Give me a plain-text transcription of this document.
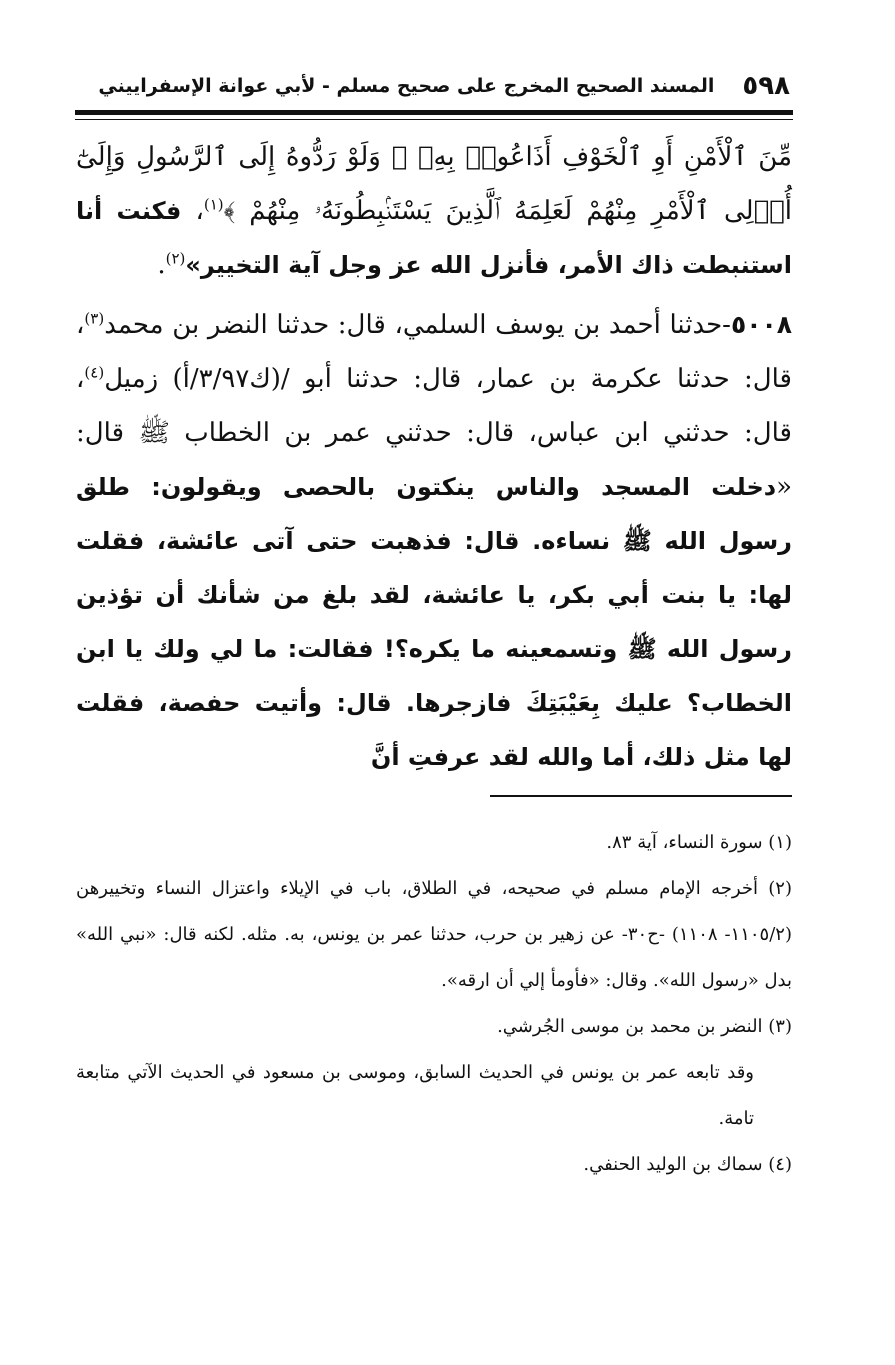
٥٩٨
المسند الصحيح المخرج على صحيح مسلم - لأبي عوانة الإسفراييني

مِّنَ ٱلْأَمْنِ أَوِ ٱلْخَوْفِ أَذَاعُوا۟ بِهِۦ ۖ وَلَوْ رَدُّوهُ إِلَى ٱلرَّسُولِ وَإِلَىٰٓ أُو۟لِى ٱلْأَمْرِ مِنْهُمْ لَعَلِمَهُ ٱلَّذِينَ يَسْتَنۢبِطُونَهُۥ مِنْهُمْ ﴾$^{(١)}$، فكنت أنا استنبطت ذاك الأمر، فأنزل الله عز وجل آية التخيير»$^{(٢)}$.

٥٠٠٨-حدثنا أحمد بن يوسف السلمي، قال: حدثنا النضر بن محمد$^{(٣)}$، قال: حدثنا عكرمة بن عمار، قال: حدثنا أبو /(ك٣/٩٧/أ) زميل$^{(٤)}$، قال: حدثني ابن عباس، قال: حدثني عمر بن الخطاب ﷺ قال: «دخلت المسجد والناس ينكتون بالحصى ويقولون: طلق رسول الله ﷺ نساءه. قال: فذهبت حتى آتى عائشة، فقلت لها: يا بنت أبي بكر، يا عائشة، لقد بلغ من شأنك أن تؤذين رسول الله ﷺ وتسمعينه ما يكره؟! فقالت: ما لي ولك يا ابن الخطاب؟ عليك بِعَيْبَتِكَ فازجرها. قال: وأتيت حفصة، فقلت لها مثل ذلك، أما والله لقد عرفتِ أنَّ

(١) سورة النساء، آية ٨٣.

(٢) أخرجه الإمام مسلم في صحيحه، في الطلاق، باب في الإيلاء واعتزال النساء وتخييرهن (١١٠٥/٢- ١١٠٨) -ح٣٠- عن زهير بن حرب، حدثنا عمر بن يونس، به. مثله. لكنه قال: «نبي الله» بدل «رسول الله». وقال: «فأومأ إلي أن ارقه».

(٣) النضر بن محمد بن موسى الجُرشي.

وقد تابعه عمر بن يونس في الحديث السابق، وموسى بن مسعود في الحديث الآتي متابعة تامة.

(٤) سماك بن الوليد الحنفي.
